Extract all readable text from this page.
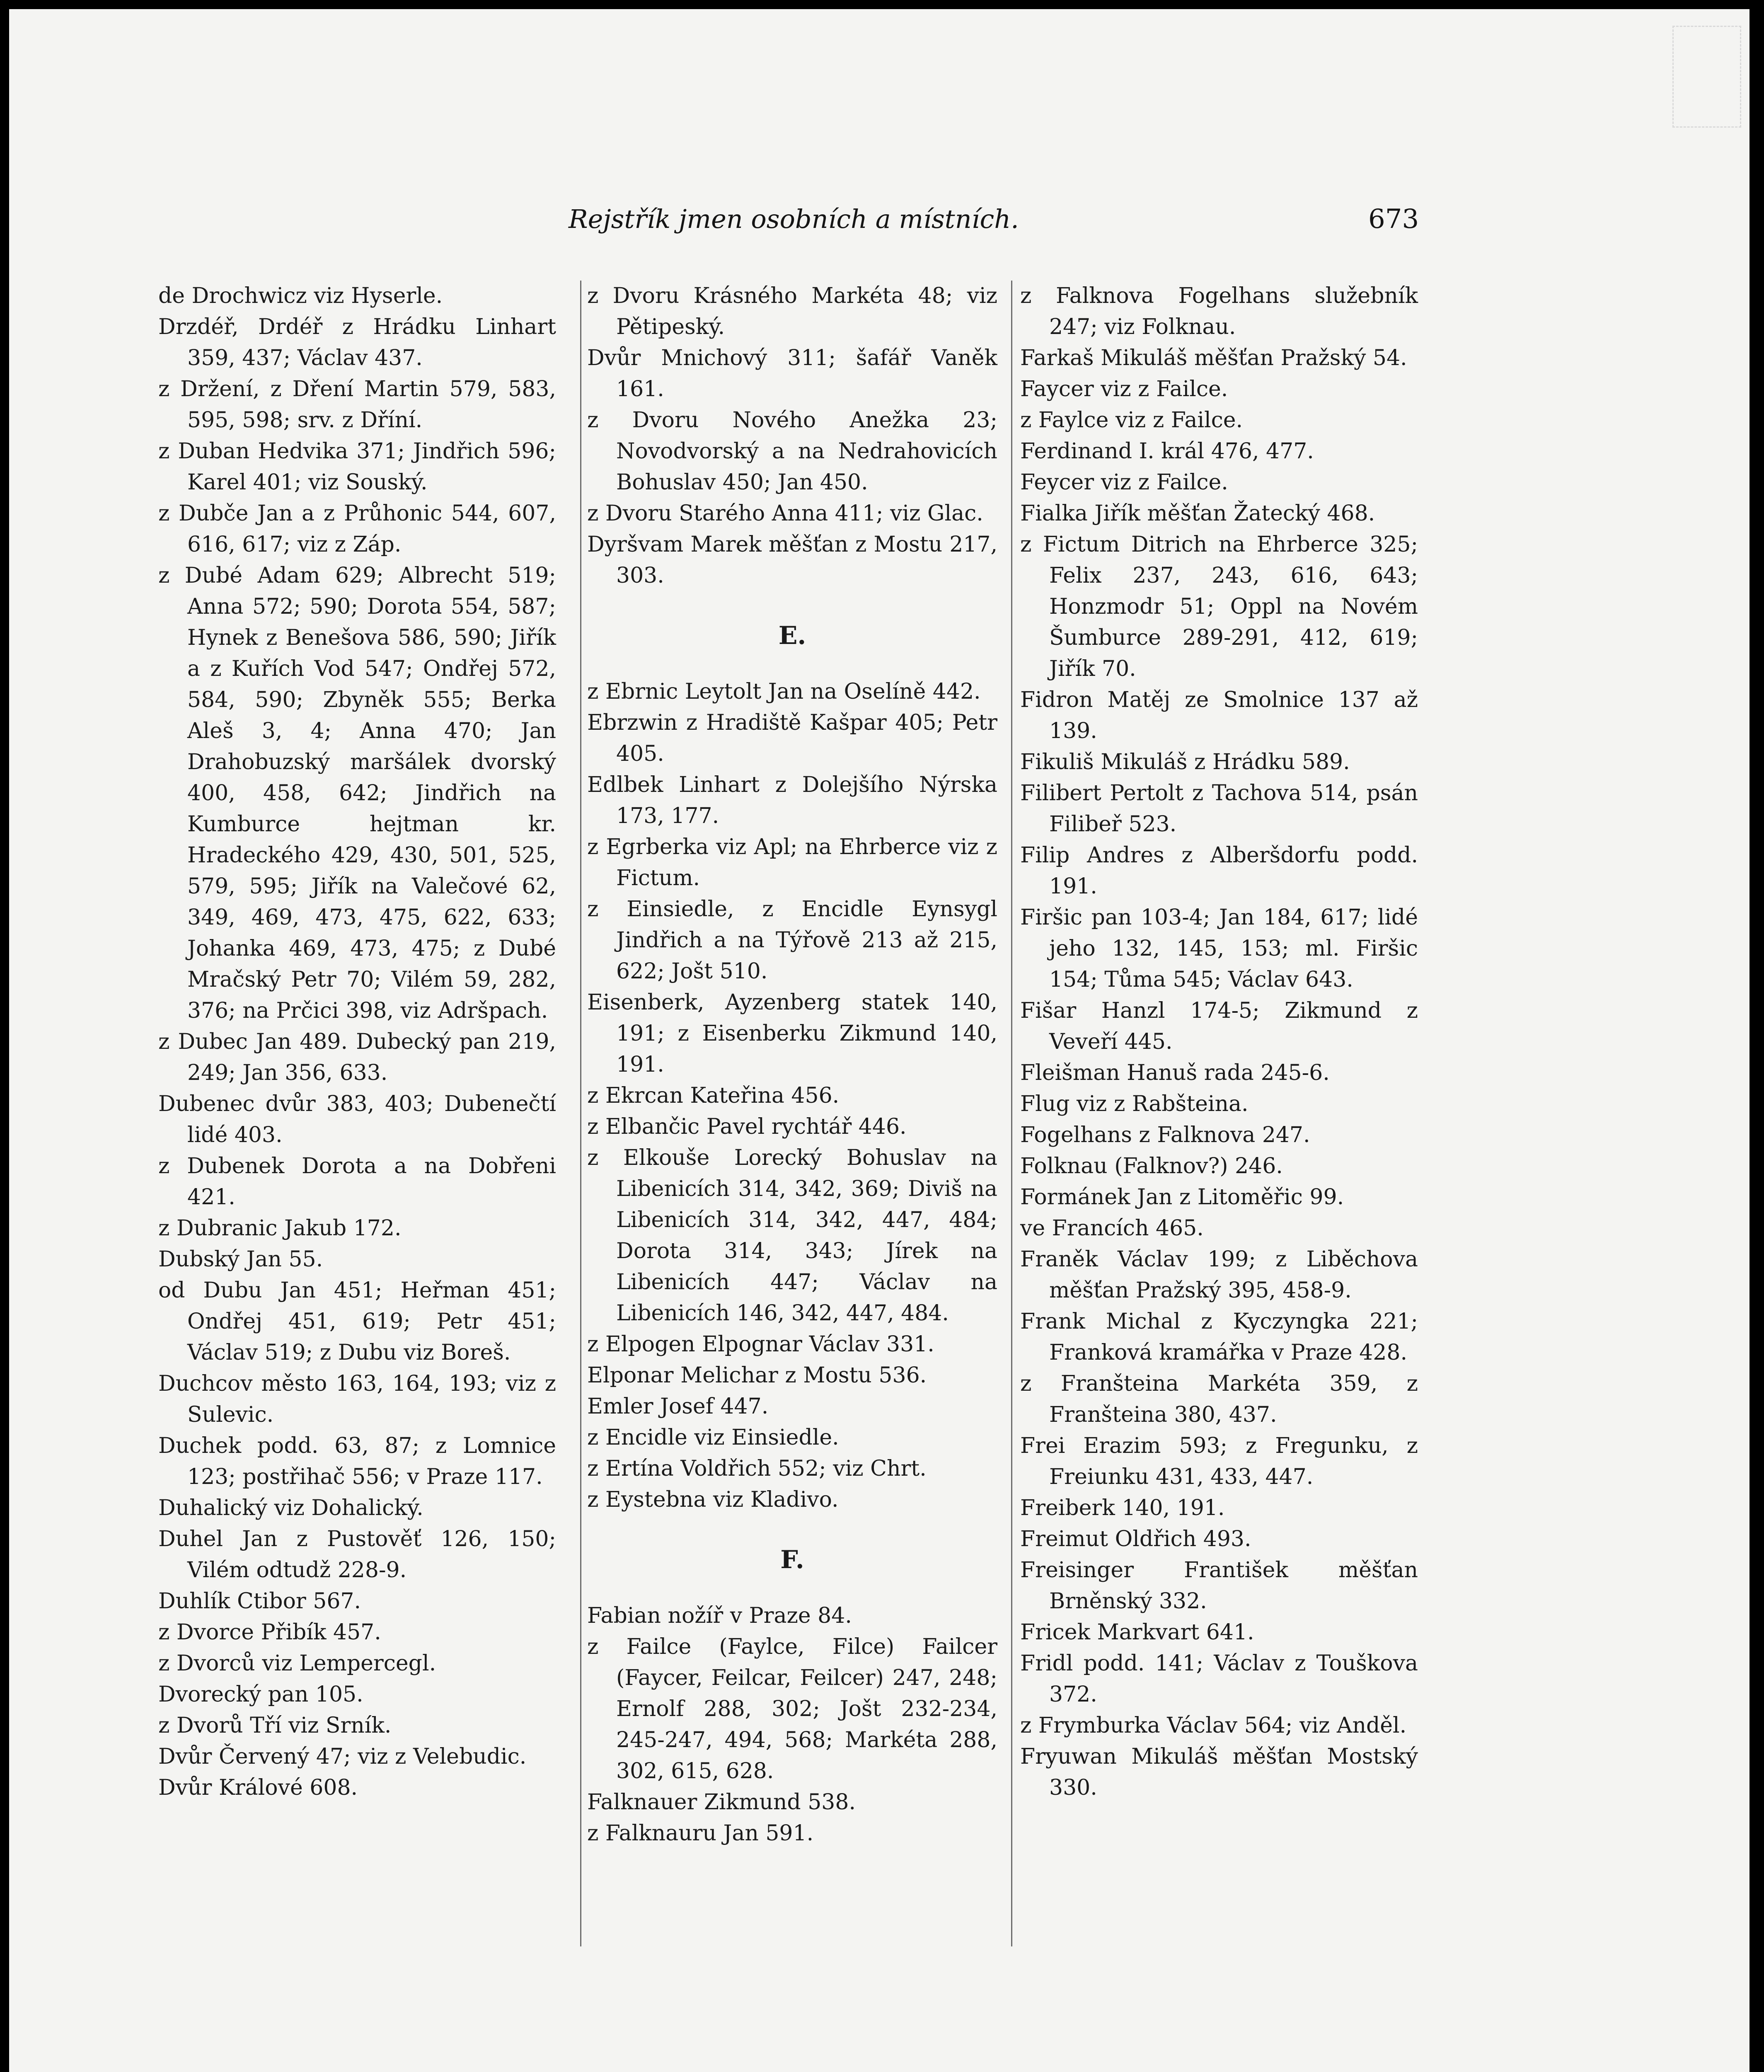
Rejstřík jmen osobních a místních.	673
de Drochwicz viz Hyserle.
Drzdéř, Drdéř z Hrádku Linhart 359, 437; Václav 437.
z Držení, z Dření Martin 579, 583, 595, 598; srv. z Dříní.
z Duban Hedvika 371; Jindřich 596; Karel 401; viz Souský.
z Dubče Jan a z Průhonic 544, 607, 616, 617; viz z Záp.
z Dubé Adam 629; Albrecht 519; Anna 572; 590; Dorota 554, 587; Hynek z Benešova 586, 590; Jiřík a z Kuřích Vod 547; Ondřej 572, 584, 590; Zbyněk 555; Berka Aleš 3, 4; Anna 470; Jan Drahobuzský maršálek dvorský 400, 458, 642; Jindřich na Kumburce hejtman kr. Hradeckého 429, 430, 501, 525, 579, 595; Jiřík na Valečové 62, 349, 469, 473, 475, 622, 633; Johanka 469, 473, 475; z Dubé Mračský Petr 70; Vilém 59, 282, 376; na Prčici 398, viz Adršpach.
z Dubec Jan 489. Dubecký pan 219, 249; Jan 356, 633.
Dubenec dvůr 383, 403; Dubenečtí lidé 403.
z Dubenek Dorota a na Dobřeni 421.
z Dubranic Jakub 172.
Dubský Jan 55.
od Dubu Jan 451; Heřman 451; Ondřej 451, 619; Petr 451; Václav 519; z Dubu viz Boreš.
Duchcov město 163, 164, 193; viz z Sulevic.
Duchek podd. 63, 87; z Lomnice 123; postřihač 556; v Praze 117.
Duhalický viz Dohalický.
Duhel Jan z Pustověť 126, 150; Vilém odtudž 228-9.
Duhlík Ctibor 567.
z Dvorce Přibík 457.
z Dvorců viz Lempercegl.
Dvorecký pan 105.
z Dvorů Tří viz Srník.
Dvůr Červený 47; viz z Velebudic.
Dvůr Králové 608.
z Dvoru Krásného Markéta 48; viz Pětipeský.
Dvůr Mnichový 311; šafář Vaněk 161.
z Dvoru Nového Anežka 23; Novodvorský a na Nedrahovicích Bohuslav 450; Jan 450.
z Dvoru Starého Anna 411; viz Glac.
Dyršvam Marek měšťan z Mostu 217, 303.
E.
z Ebrnic Leytolt Jan na Oselíně 442.
Ebrzwin z Hradiště Kašpar 405; Petr 405.
Edlbek Linhart z Dolejšího Nýrska 173, 177.
z Egrberka viz Apl; na Ehrberce viz z Fictum.
z Einsiedle, z Encidle Eynsygl Jindřich a na Týřově 213 až 215, 622; Jošt 510.
Eisenberk, Ayzenberg statek 140, 191; z Eisenberku Zikmund 140, 191.
z Ekrcan Kateřina 456.
z Elbančic Pavel rychtář 446.
z Elkouše Lorecký Bohuslav na Libenicích 314, 342, 369; Diviš na Libenicích 314, 342, 447, 484; Dorota 314, 343; Jírek na Libenicích 447; Václav na Libenicích 146, 342, 447, 484.
z Elpogen Elpognar Václav 331.
Elponar Melichar z Mostu 536.
Emler Josef 447.
z Encidle viz Einsiedle.
z Ertína Voldřich 552; viz Chrt.
z Eystebna viz Kladivo.
F.
Fabian nožíř v Praze 84.
z Failce (Faylce, Filce) Failcer (Faycer, Feilcar, Feilcer) 247, 248; Ernolf 288, 302; Jošt 232-234, 245-247, 494, 568; Markéta 288, 302, 615, 628.
Falknauer Zikmund 538.
z Falknauru Jan 591.
z Falknova Fogelhans služebník 247; viz Folknau.
Farkaš Mikuláš měšťan Pražský 54.
Faycer viz z Failce.
z Faylce viz z Failce.
Ferdinand I. král 476, 477.
Feycer viz z Failce.
Fialka Jiřík měšťan Žatecký 468.
z Fictum Ditrich na Ehrberce 325; Felix 237, 243, 616, 643; Honzmodr 51; Oppl na Novém Šumburce 289-291, 412, 619; Jiřík 70.
Fidron Matěj ze Smolnice 137 až 139.
Fikuliš Mikuláš z Hrádku 589.
Filibert Pertolt z Tachova 514, psán Filibeř 523.
Filip Andres z Alberšdorfu podd. 191.
Firšic pan 103-4; Jan 184, 617; lidé jeho 132, 145, 153; ml. Firšic 154; Tůma 545; Václav 643.
Fišar Hanzl 174-5; Zikmund z Veveří 445.
Fleišman Hanuš rada 245-6.
Flug viz z Rabšteina.
Fogelhans z Falknova 247.
Folknau (Falknov?) 246.
Formánek Jan z Litoměřic 99.
ve Francích 465.
Franěk Václav 199; z Liběchova měšťan Pražský 395, 458-9.
Frank Michal z Kyczyngka 221; Franková kramářka v Praze 428.
z Franšteina Markéta 359, z Franšteina 380, 437.
Frei Erazim 593; z Fregunku, z Freiunku 431, 433, 447.
Freiberk 140, 191.
Freimut Oldřich 493.
Freisinger František měšťan Brněnský 332.
Fricek Markvart 641.
Fridl podd. 141; Václav z Touškova 372.
z Frymburka Václav 564; viz Anděl.
Fryuwan Mikuláš měšťan Mostský 330.
